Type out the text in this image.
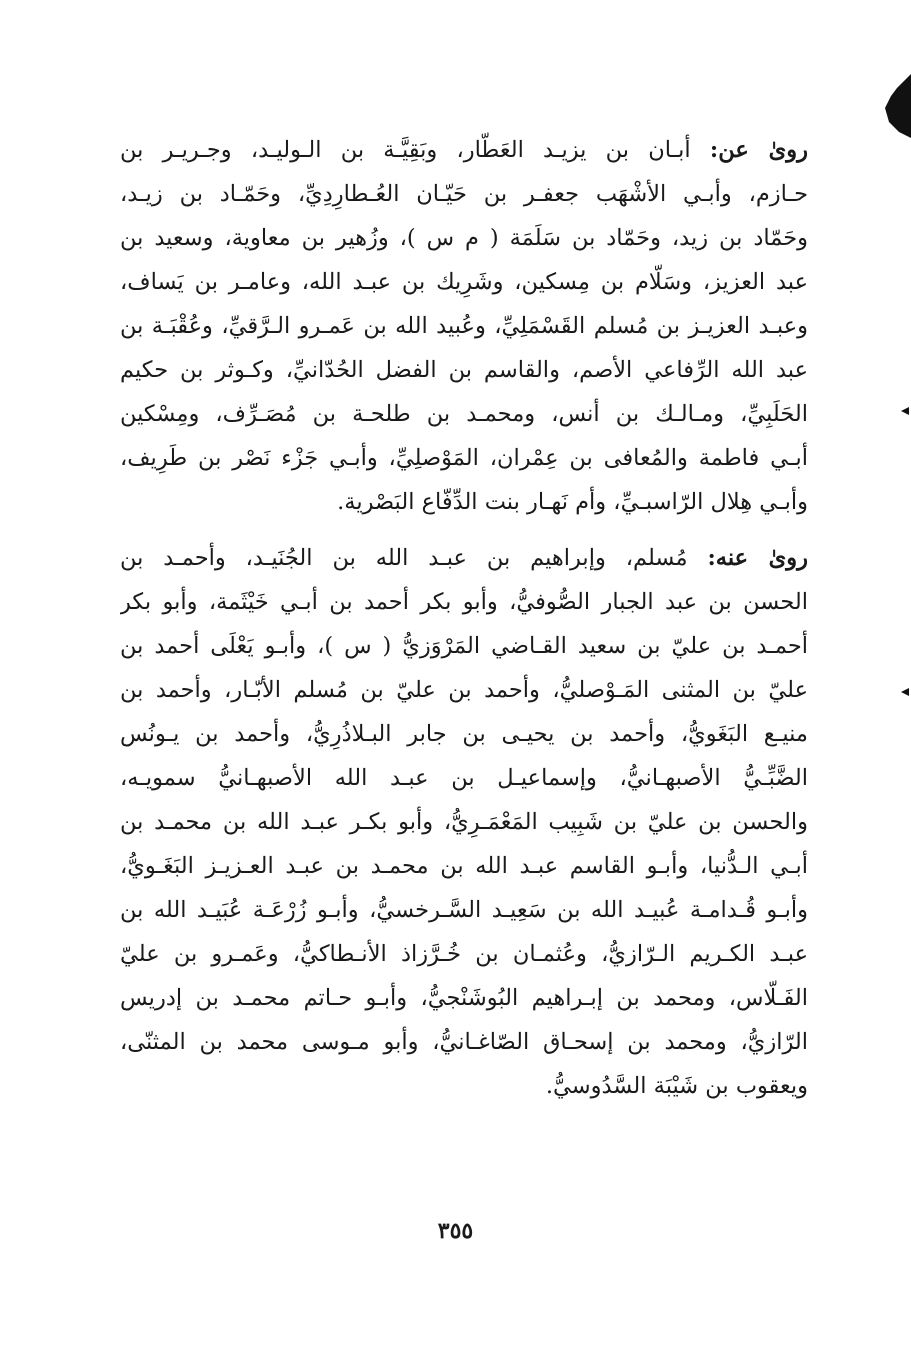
روىٰ عن: أبـان بن يزيـد العَطّار، وبَقِيَّـة بن الـوليـد، وجـريـر بن
حـازم، وأبـي الأشْهَب جعفـر بن حَيّـان العُـطارِدِيِّ، وحَمّـاد بن زيـد،
وحَمّاد بن زيد، وحَمّاد بن سَلَمَة ( م س )، وزُهير بن معاوية، وسعيد بن
عبد العزيز، وسَلّام بن مِسكين، وشَرِيك بن عبـد الله، وعامـر بن يَساف،
وعبـد العزيـز بن مُسلم القَسْمَلِيِّ، وعُبيد الله بن عَمـرو الـرَّقيِّ، وعُقْبَـة بن
عبد الله الرِّفاعي الأصم، والقاسم بن الفضل الحُدّانيِّ، وكـوثر بن حكيم
الحَلَبِيِّ، ومـالـك بن أنس، ومحمـد بن طلحـة بن مُصَـرِّف، ومِسْكين
أبـي فاطمة والمُعافى بن عِمْران، المَوْصلِيِّ، وأبـي جَزْء نَصْر بن طَرِيف،
وأبـي هِلال الرّاسبـيِّ، وأم نَهـار بنت الدِّفّاع البَصْرية.
روىٰ عنه: مُسلم، وإبراهيم بن عبـد الله بن الجُنَيـد، وأحمـد بن
الحسن بن عبد الجبار الصُّوفيُّ، وأبو بكر أحمد بن أبـي خَيْثَمة، وأبو بكر
أحمـد بن عليّ بن سعيد القـاضي المَرْوَزيُّ ( س )، وأبـو يَعْلَى أحمد بن
عليّ بن المثنى المَـوْصليُّ، وأحمد بن عليّ بن مُسلم الأبّـار، وأحمد بن
منيـع البَغَويُّ، وأحمد بن يحيـى بن جابر البـلاذُرِيُّ، وأحمد بن يـونُس
الضَّبِّـيُّ الأصبهـانيُّ، وإسماعيـل بن عبـد الله الأصبهـانيُّ سمويـه،
والحسن بن عليّ بن شَبِيب المَعْمَـرِيُّ، وأبو بكـر عبـد الله بن محمـد بن
أبـي الـدُّنيا، وأبـو القاسم عبـد الله بن محمـد بن عبـد العـزيـز البَغَـويُّ،
وأبـو قُـدامـة عُبيـد الله بن سَعِيـد السَّـرخسيُّ، وأبـو زُرْعَـة عُبَيـد الله بن
عبـد الكـريم الـرّازيُّ، وعُثمـان بن خُـرَّزاذ الأنـطاكيُّ، وعَمـرو بن عليّ
الفَـلّاس، ومحمد بن إبـراهيم البُوشَنْجيُّ، وأبـو حـاتم محمـد بن إدريس
الرّازيُّ، ومحمد بن إسحـاق الصّاغـانيُّ، وأبو مـوسى محمد بن المثنّى،
ويعقوب بن شَيْبَة السَّدُوسيُّ.
٣٥٥
